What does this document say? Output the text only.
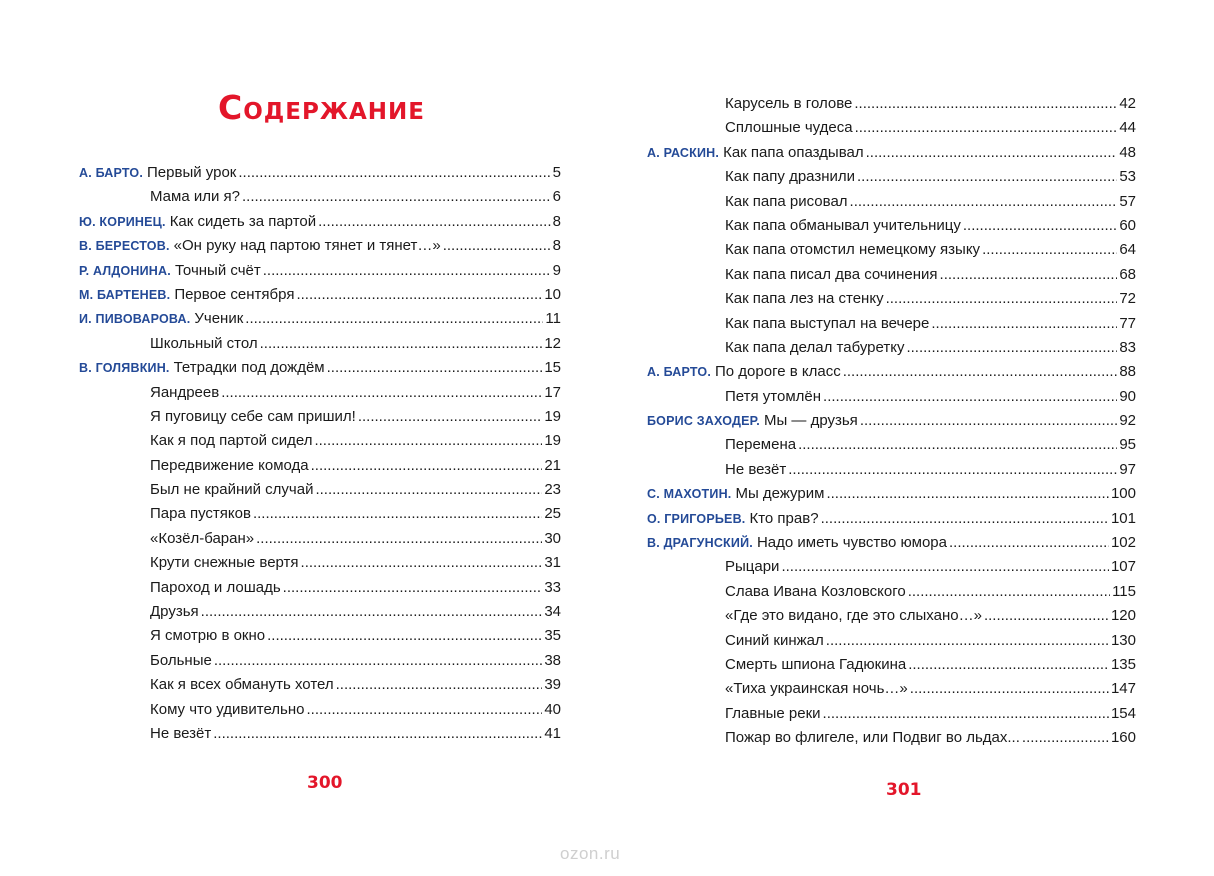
Содержание
А. БАРТО. Первый урок .....	5
Мама или я? .....	6
Ю. КОРИНЕЦ. Как сидеть за партой .....	8
В. БЕРЕСТОВ. «Он руку над партою тянет и тянет…» .....	8
Р. АЛДОНИНА. Точный счёт .....	9
М. БАРТЕНЕВ. Первое сентября .....	10
И. ПИВОВАРОВА. Ученик .....	11
Школьный стол .....	12
В. ГОЛЯВКИН. Тетрадки под дождём .....	15
Яандреев .....	17
Я пуговицу себе сам пришил! .....	19
Как я под партой сидел .....	19
Передвижение комода .....	21
Был не крайний случай .....	23
Пара пустяков .....	25
«Козёл-баран» .....	30
Крути снежные вертя .....	31
Пароход и лошадь .....	33
Друзья .....	34
Я смотрю в окно .....	35
Больные .....	38
Как я всех обмануть хотел .....	39
Кому что удивительно .....	40
Не везёт .....	41
300
Карусель в голове .....	42
Сплошные чудеса .....	44
А. РАСКИН. Как папа опаздывал .....	48
Как папу дразнили .....	53
Как папа рисовал .....	57
Как папа обманывал учительницу .....	60
Как папа отомстил немецкому языку .....	64
Как папа писал два сочинения .....	68
Как папа лез на стенку .....	72
Как папа выступал на вечере .....	77
Как папа делал табуретку .....	83
А. БАРТО. По дороге в класс .....	88
Петя утомлён .....	90
БОРИС ЗАХОДЕР. Мы — друзья .....	92
Перемена .....	95
Не везёт .....	97
С. МАХОТИН. Мы дежурим .....	100
О. ГРИГОРЬЕВ. Кто прав? .....	101
В. ДРАГУНСКИЙ. Надо иметь чувство юмора .....	102
Рыцари .....	107
Слава Ивана Козловского .....	115
«Где это видано, где это слыхано…» .....	120
Синий кинжал .....	130
Смерть шпиона Гадюкина .....	135
«Тиха украинская ночь…» .....	147
Главные реки .....	154
Пожар во флигеле, или Подвиг во льдах... .....	160
301
ozon.ru
